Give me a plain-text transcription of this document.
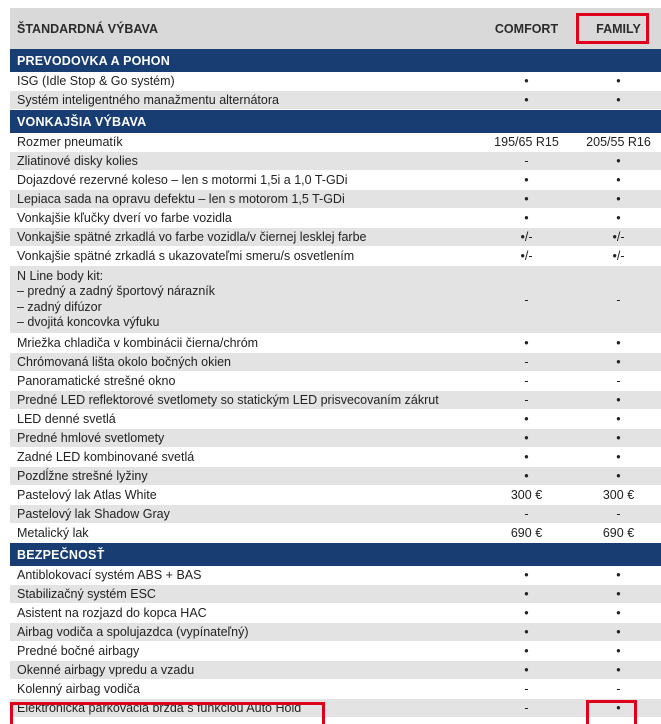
ŠTANDARDNÁ VÝBAVA	COMFORT	FAMILY
PREVODOVKA A POHON
ISG (Idle Stop & Go systém)	•	•
Systém inteligentného manažmentu alternátora	•	•
VONKAJŠIA VÝBAVA
Rozmer pneumatík	195/65 R15	205/55 R16
Zliatinové disky kolies	-	•
Dojazdové rezervné koleso – len s motormi 1,5i a 1,0 T-GDi	•	•
Lepiaca sada na opravu defektu – len s motorom 1,5 T-GDi	•	•
Vonkajšie kľučky dverí vo farbe vozidla	•	•
Vonkajšie spätné zrkadlá vo farbe vozidla/v čiernej lesklej farbe	•/-	•/-
Vonkajšie spätné zrkadlá s ukazovateľmi smeru/s osvetlením	•/-	•/-
N Line body kit:
– predný a zadný športový nárazník
– zadný difúzor
– dvojitá koncovka výfuku
-	-
Mriežka chladiča v kombinácii čierna/chróm	•	•
Chrómovaná lišta okolo bočných okien	-	•
Panoramatické strešné okno	-	-
Predné LED reflektorové svetlomety so statickým LED prisvecovaním zákrut	-	•
LED denné svetlá	•	•
Predné hmlové svetlomety	•	•
Zadné LED kombinované svetlá	•	•
Pozdĺžne strešné lyžiny	•	•
Pastelový lak Atlas White	300 €	300 €
Pastelový lak Shadow Gray	-	-
Metalický lak	690 €	690 €
BEZPEČNOSŤ
Antiblokovací systém ABS + BAS	•	•
Stabilizačný systém ESC	•	•
Asistent na rozjazd do kopca HAC	•	•
Airbag vodiča a spolujazdca (vypínateľný)	•	•
Predné bočné airbagy	•	•
Okenné airbagy vpredu a vzadu	•	•
Kolenný airbag vodiča	-	-
Elektronická parkovacia brzda s funkciou Auto Hold	-	•
